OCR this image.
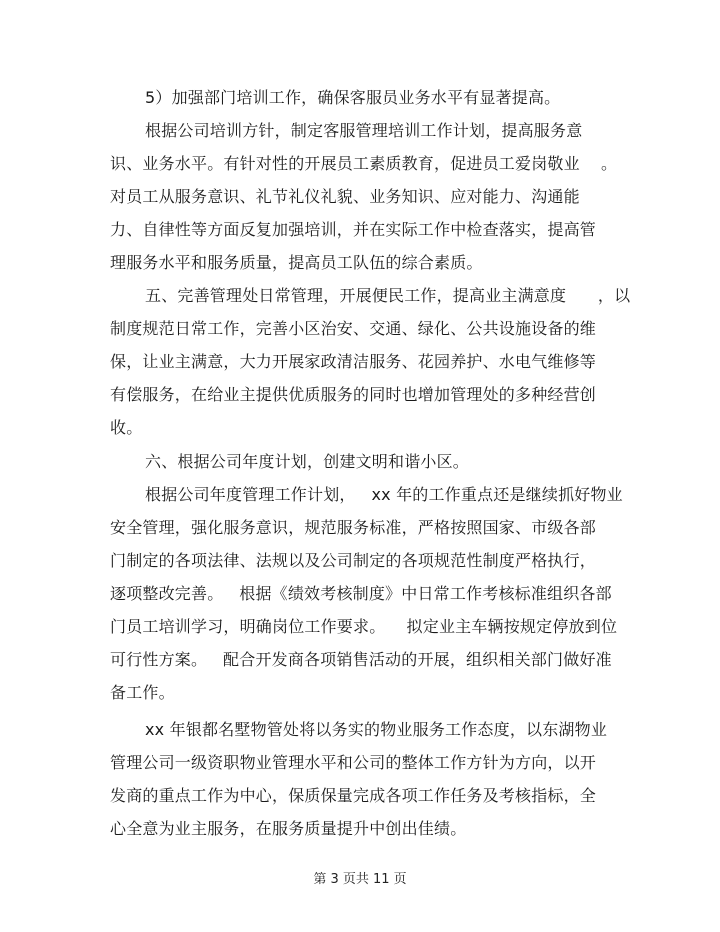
5）加强部门培训工作，确保客服员业务水平有显著提高。
根据公司培训方针，制定客服管理培训工作计划，提高服务意
识、业务水平。有针对性的开展员工素质教育，促进员工爱岗敬业    。
对员工从服务意识、礼节礼仪礼貌、业务知识、应对能力、沟通能
力、自律性等方面反复加强培训，并在实际工作中检查落实，提高管
理服务水平和服务质量，提高员工队伍的综合素质。
五、完善管理处日常管理，开展便民工作，提高业主满意度      ，以
制度规范日常工作，完善小区治安、交通、绿化、公共设施设备的维
保，让业主满意，大力开展家政清洁服务、花园养护、水电气维修等
有偿服务，在给业主提供优质服务的同时也增加管理处的多种经营创
收。
六、根据公司年度计划，创建文明和谐小区。
根据公司年度管理工作计划，   xx 年的工作重点还是继续抓好物业
安全管理，强化服务意识，规范服务标准，严格按照国家、市级各部
门制定的各项法律、法规以及公司制定的各项规范性制度严格执行，
逐项整改完善。   根据《绩效考核制度》中日常工作考核标准组织各部
门员工培训学习，明确岗位工作要求。    拟定业主车辆按规定停放到位
可行性方案。   配合开发商各项销售活动的开展，组织相关部门做好准
备工作。
xx 年银都名墅物管处将以务实的物业服务工作态度，以东湖物业
管理公司一级资职物业管理水平和公司的整体工作方针为方向，以开
发商的重点工作为中心，保质保量完成各项工作任务及考核指标，全
心全意为业主服务，在服务质量提升中创出佳绩。
第 3 页共 11 页
